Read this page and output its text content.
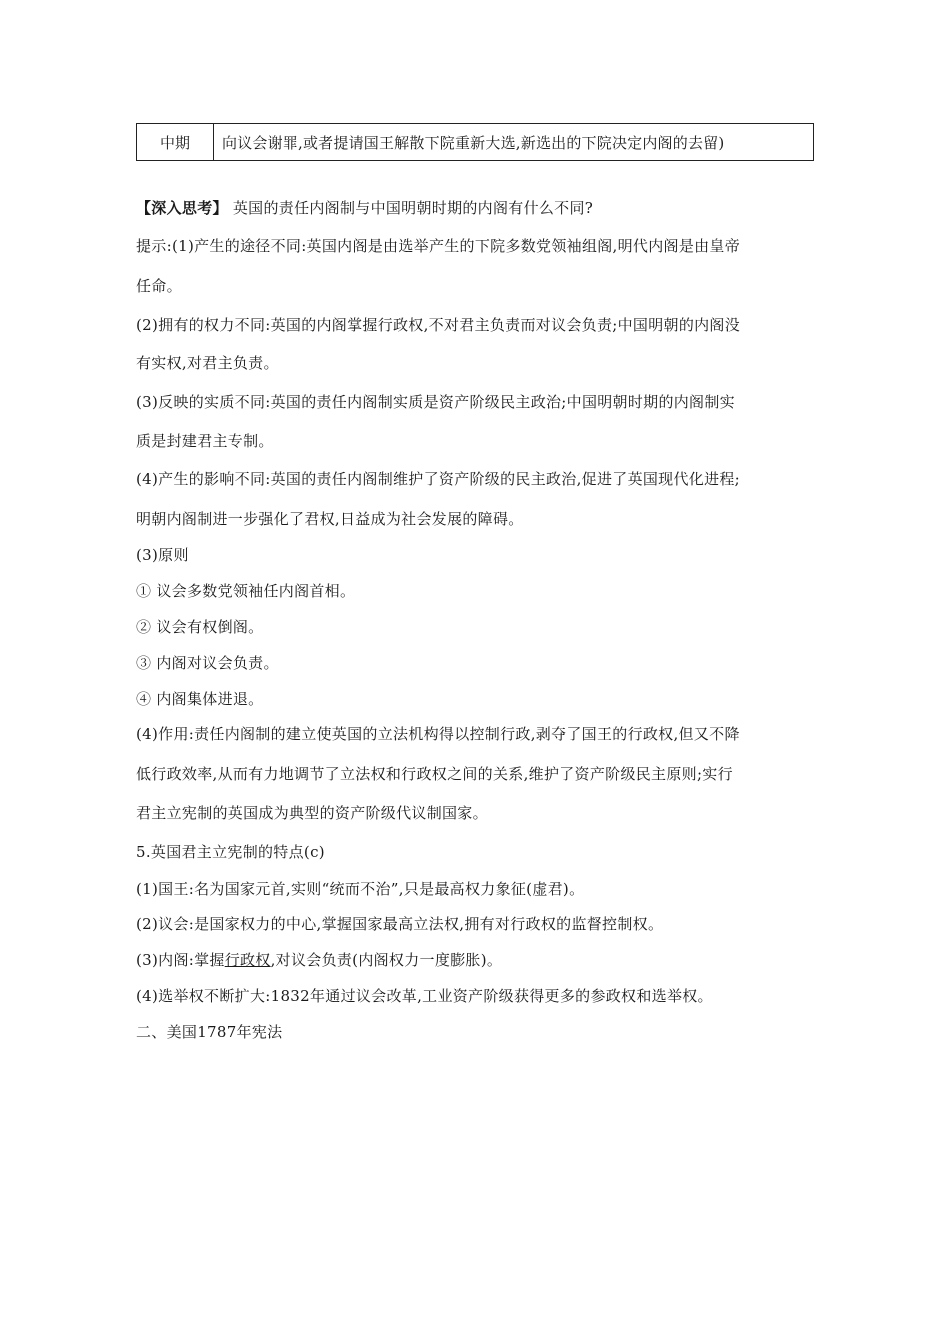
中期	向议会谢罪,或者提请国王解散下院重新大选,新选出的下院决定内阁的去留)
【深入思考】 英国的责任内阁制与中国明朝时期的内阁有什么不同?
提示:(1)产生的途径不同:英国内阁是由选举产生的下院多数党领袖组阁,明代内阁是由皇帝
任命。
(2)拥有的权力不同:英国的内阁掌握行政权,不对君主负责而对议会负责;中国明朝的内阁没
有实权,对君主负责。
(3)反映的实质不同:英国的责任内阁制实质是资产阶级民主政治;中国明朝时期的内阁制实
质是封建君主专制。
(4)产生的影响不同:英国的责任内阁制维护了资产阶级的民主政治,促进了英国现代化进程;
明朝内阁制进一步强化了君权,日益成为社会发展的障碍。
(3)原则
① 议会多数党领袖任内阁首相。
② 议会有权倒阁。
③ 内阁对议会负责。
④ 内阁集体进退。
(4)作用:责任内阁制的建立使英国的立法机构得以控制行政,剥夺了国王的行政权,但又不降
低行政效率,从而有力地调节了立法权和行政权之间的关系,维护了资产阶级民主原则;实行
君主立宪制的英国成为典型的资产阶级代议制国家。
5.英国君主立宪制的特点(c)
(1)国王:名为国家元首,实则“统而不治”,只是最高权力象征(虚君)。
(2)议会:是国家权力的中心,掌握国家最高立法权,拥有对行政权的监督控制权。
(3)内阁:掌握行政权,对议会负责(内阁权力一度膨胀)。
(4)选举权不断扩大:1832年通过议会改革,工业资产阶级获得更多的参政权和选举权。
二、美国1787年宪法
